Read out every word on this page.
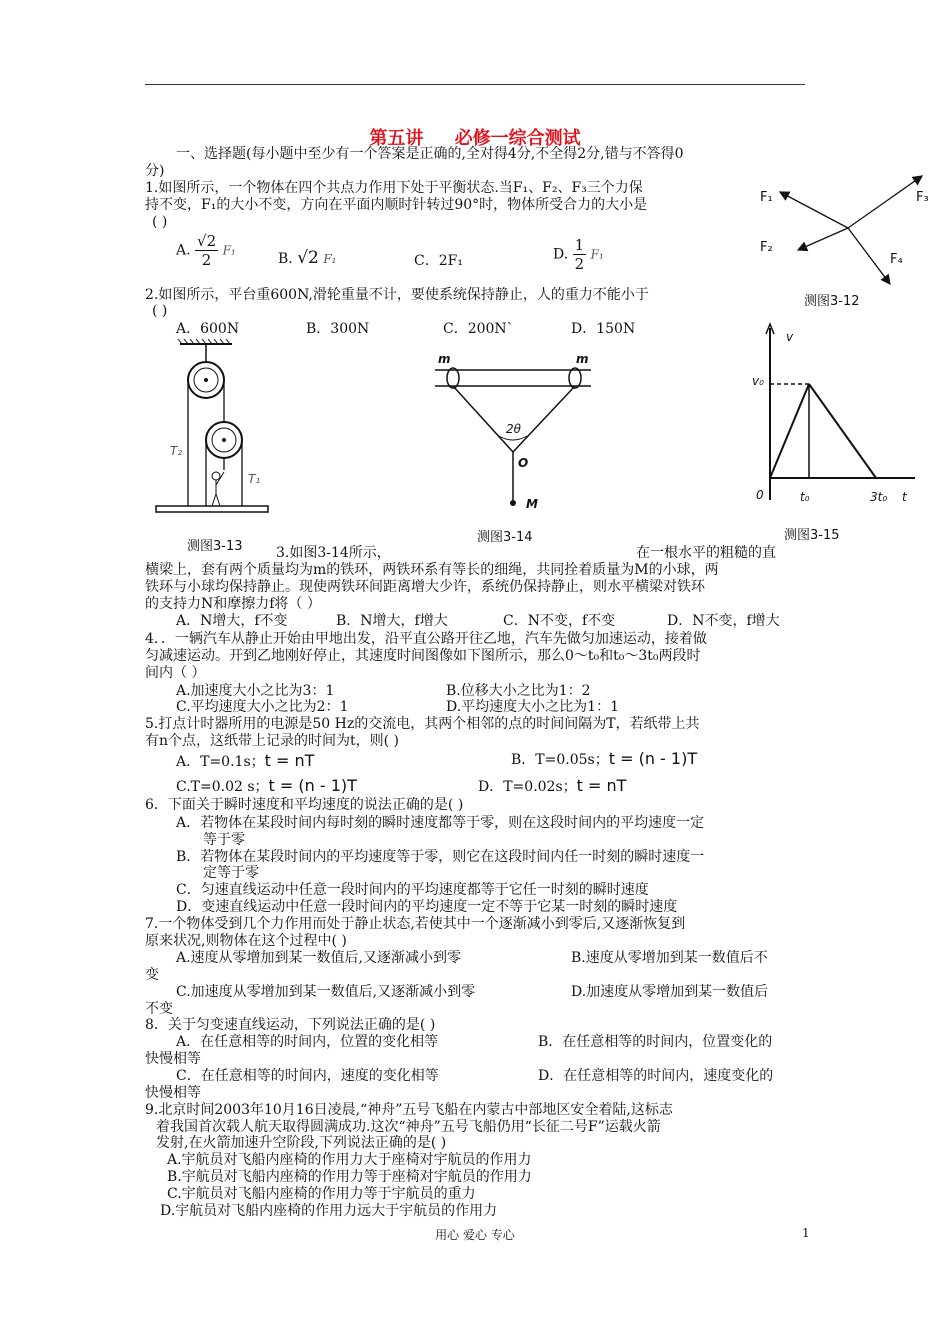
第五讲 必修一综合测试
一、选择题(每小题中至少有一个答案是正确的,全对得4分,不全得2分,错与不答得0
分)
1.如图所示，一个物体在四个共点力作用下处于平衡状态.当F₁、F₂、F₃三个力保
持不变，F₁的大小不变，方向在平面内顺时针转过90°时，物体所受合力的大小是
( )
A. $\frac{√2}{2} F_1$
B. √2 F₁	C．2F₁	D. $\frac{1}{2} F_1$
F₁
F₂
F₃
F₄
测图3-12
2.如图所示，平台重600N,滑轮重量不计，要使系统保持静止，人的重力不能小于
( )
A．600N	B．300N	C．200N`	D．150N
T₂
T₁
测图3-13
m	m
2θ
O
M
测图3-14
v
v₀
0	t₀	3t₀ t
测图3-15
3.如图3-14所示，	在一根水平的粗糙的直
横梁上，套有两个质量均为m的铁环，两铁环系有等长的细绳，共同拴着质量为M的小球，两
铁环与小球均保持静止。现使两铁环间距离增大少许，系统仍保持静止，则水平横梁对铁环
的支持力N和摩擦力f将（ ）
A．N增大，f不变	B．N增大，f增大	C．N不变，f不变	D．N不变，f增大
4．．一辆汽车从静止开始由甲地出发，沿平直公路开往乙地，汽车先做匀加速运动，接着做
匀减速运动。开到乙地刚好停止，其速度时间图像如下图所示，那么0～t₀和t₀～3t₀两段时
间内（ ）
A.加速度大小之比为3：1	B.位移大小之比为1：2
C.平均速度大小之比为2：1	D.平均速度大小之比为1：1
5.打点计时器所用的电源是50 Hz的交流电，其两个相邻的点的时间间隔为T，若纸带上共
有n个点，这纸带上记录的时间为t，则( )
A．T=0.1s；t = nT	B．T=0.05s；t = (n - 1)T
C.T=0.02 s；t = (n - 1)T	D．T=0.02s；t = nT
6．下面关于瞬时速度和平均速度的说法正确的是( )
A．若物体在某段时间内每时刻的瞬时速度都等于零，则在这段时间内的平均速度一定
等于零
B．若物体在某段时间内的平均速度等于零，则它在这段时间内任一时刻的瞬时速度一
定等于零
C．匀速直线运动中任意一段时间内的平均速度都等于它任一时刻的瞬时速度
D．变速直线运动中任意一段时间内的平均速度一定不等于它某一时刻的瞬时速度
7.一个物体受到几个力作用而处于静止状态,若使其中一个逐渐减小到零后,又逐渐恢复到
原来状况,则物体在这个过程中( )
A.速度从零增加到某一数值后,又逐渐减小到零	B.速度从零增加到某一数值后不
变
C.加速度从零增加到某一数值后,又逐渐减小到零	D.加速度从零增加到某一数值后
不变
8．关于匀变速直线运动，下列说法正确的是( )
A．在任意相等的时间内，位置的变化相等	B．在任意相等的时间内，位置变化的
快慢相等
C．在任意相等的时间内，速度的变化相等	D．在任意相等的时间内，速度变化的
快慢相等
9.北京时间2003年10月16日凌晨,“神舟”五号飞船在内蒙古中部地区安全着陆,这标志
着我国首次载人航天取得圆满成功.这次“神舟”五号飞船仍用“长征二号F”运载火箭
发射,在火箭加速升空阶段,下列说法正确的是( )
A.宇航员对飞船内座椅的作用力大于座椅对宇航员的作用力
B.宇航员对飞船内座椅的作用力等于座椅对宇航员的作用力
C.宇航员对飞船内座椅的作用力等于宇航员的重力
D.宇航员对飞船内座椅的作用力远大于宇航员的作用力
用心 爱心 专心	1
